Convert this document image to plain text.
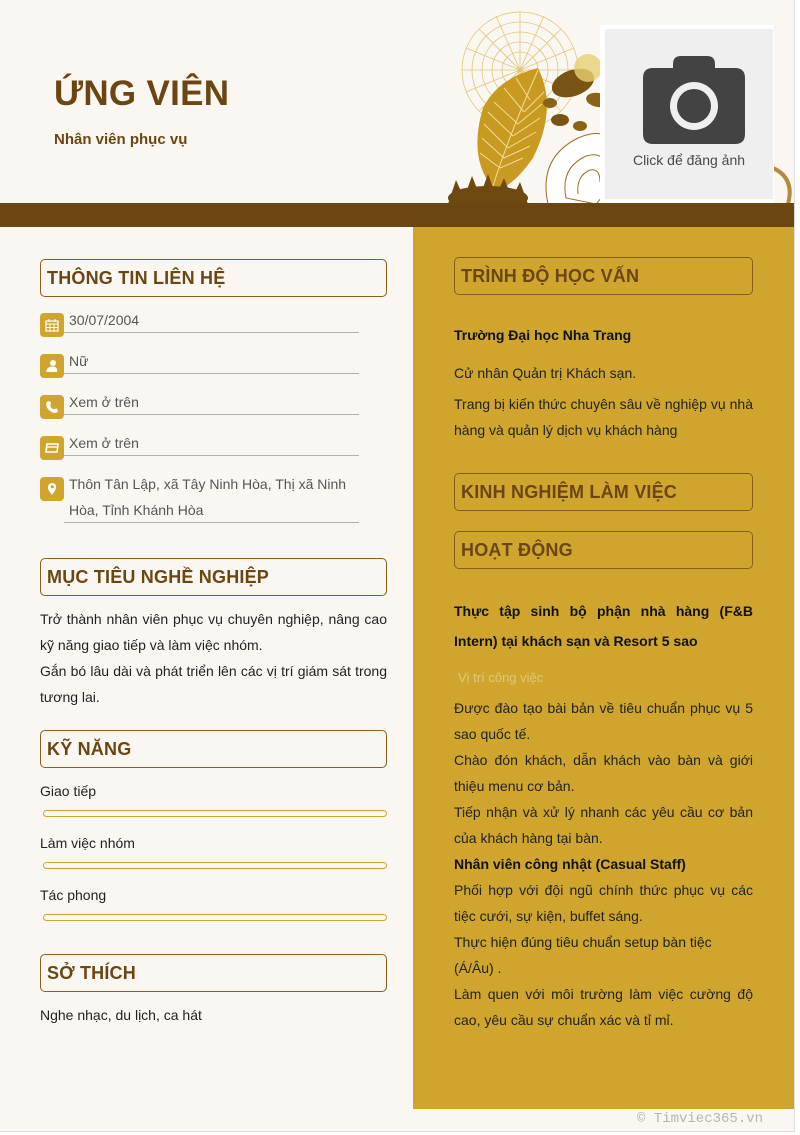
ỨNG VIÊN
Nhân viên phục vụ
Click để đăng ảnh
THÔNG TIN LIÊN HỆ
30/07/2004
Nữ
Xem ở trên
Xem ở trên
Thôn Tân Lập, xã Tây Ninh Hòa, Thị xã Ninh Hòa, Tỉnh Khánh Hòa
MỤC TIÊU NGHỀ NGHIỆP
Trở thành nhân viên phục vụ chuyên nghiệp, nâng cao kỹ năng giao tiếp và làm việc nhóm.
Gắn bó lâu dài và phát triển lên các vị trí giám sát trong tương lai.
KỸ NĂNG
Giao tiếp
Làm việc nhóm
Tác phong
SỞ THÍCH
Nghe nhạc, du lịch, ca hát
TRÌNH ĐỘ HỌC VẤN
Trường Đại học Nha Trang
Cử nhân Quản trị Khách sạn.
Trang bị kiến thức chuyên sâu về nghiệp vụ nhà hàng và quản lý dịch vụ khách hàng
KINH NGHIỆM LÀM VIỆC
HOẠT ĐỘNG
Thực tập sinh bộ phận nhà hàng (F&B Intern) tại khách sạn và Resort 5 sao
Vị trí công việc
Được đào tạo bài bản về tiêu chuẩn phục vụ 5 sao quốc tế.
Chào đón khách, dẫn khách vào bàn và giới thiệu menu cơ bản.
Tiếp nhận và xử lý nhanh các yêu cầu cơ bản của khách hàng tại bàn.
Nhân viên công nhật (Casual Staff)
Phối hợp với đội ngũ chính thức phục vụ các tiệc cưới, sự kiện, buffet sáng.
Thực hiện đúng tiêu chuẩn setup bàn tiệc (Á/Âu) .
Làm quen với môi trường làm việc cường độ cao, yêu cầu sự chuẩn xác và tỉ mỉ.
© Timviec365.vn
